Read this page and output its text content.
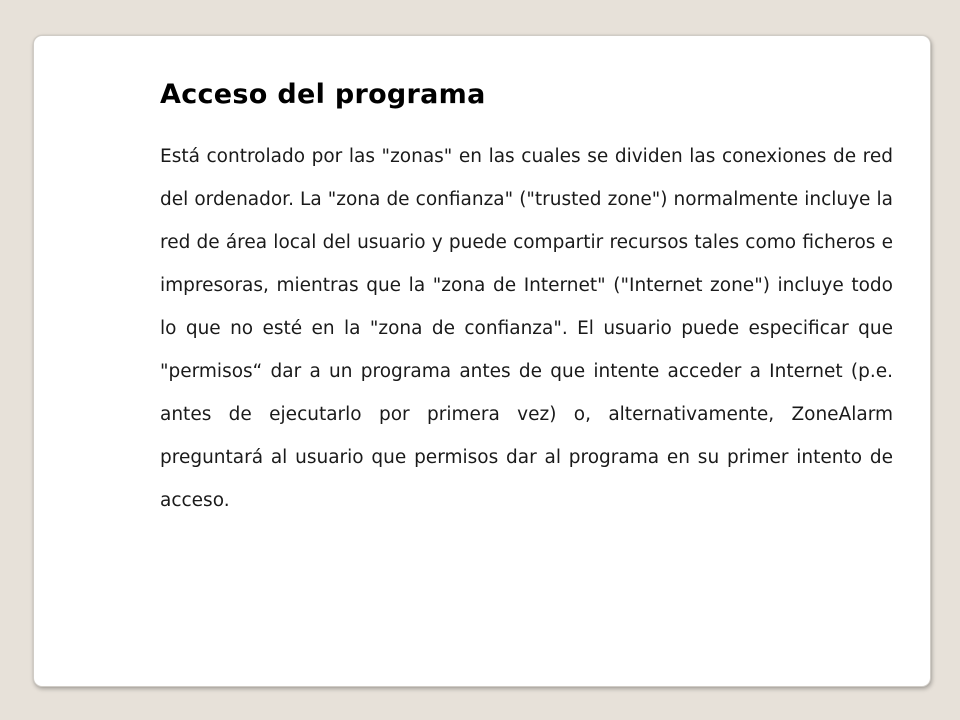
Acceso del programa

Está controlado por las "zonas" en las cuales se dividen las conexiones de red del ordenador. La "zona de confianza" ("trusted zone") normalmente incluye la red de área local del usuario y puede compartir recursos tales como ficheros e impresoras, mientras que la "zona de Internet" ("Internet zone") incluye todo lo que no esté en la "zona de confianza". El usuario puede especificar que "permisos“ dar a un programa antes de que intente acceder a Internet (p.e. antes de ejecutarlo por primera vez) o, alternativamente, ZoneAlarm preguntará al usuario que permisos dar al programa en su primer intento de acceso.
